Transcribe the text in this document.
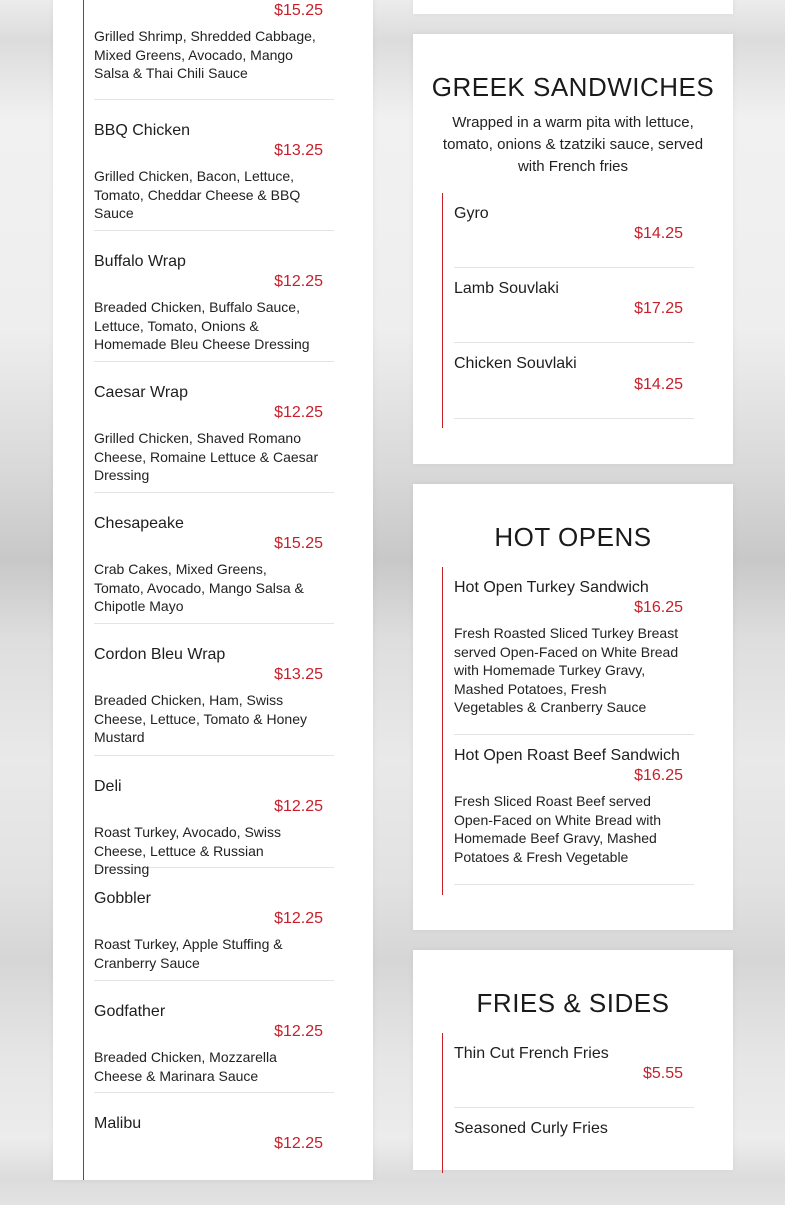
$15.25
Grilled Shrimp, Shredded Cabbage, Mixed Greens, Avocado, Mango Salsa & Thai Chili Sauce
BBQ Chicken
$13.25
Grilled Chicken, Bacon, Lettuce, Tomato, Cheddar Cheese & BBQ Sauce
Buffalo Wrap
$12.25
Breaded Chicken, Buffalo Sauce, Lettuce, Tomato, Onions & Homemade Bleu Cheese Dressing
Caesar Wrap
$12.25
Grilled Chicken, Shaved Romano Cheese, Romaine Lettuce & Caesar Dressing
Chesapeake
$15.25
Crab Cakes, Mixed Greens, Tomato, Avocado, Mango Salsa & Chipotle Mayo
Cordon Bleu Wrap
$13.25
Breaded Chicken, Ham, Swiss Cheese, Lettuce, Tomato & Honey Mustard
Deli
$12.25
Roast Turkey, Avocado, Swiss Cheese, Lettuce & Russian Dressing
Gobbler
$12.25
Roast Turkey, Apple Stuffing & Cranberry Sauce
Godfather
$12.25
Breaded Chicken, Mozzarella Cheese & Marinara Sauce
Malibu
$12.25
GREEK SANDWICHES
Wrapped in a warm pita with lettuce, tomato, onions & tzatziki sauce, served with French fries
Gyro
$14.25
Lamb Souvlaki
$17.25
Chicken Souvlaki
$14.25
HOT OPENS
Hot Open Turkey Sandwich
$16.25
Fresh Roasted Sliced Turkey Breast served Open-Faced on White Bread with Homemade Turkey Gravy, Mashed Potatoes, Fresh Vegetables & Cranberry Sauce
Hot Open Roast Beef Sandwich
$16.25
Fresh Sliced Roast Beef served Open-Faced on White Bread with Homemade Beef Gravy, Mashed Potatoes & Fresh Vegetable
FRIES & SIDES
Thin Cut French Fries
$5.55
Seasoned Curly Fries
